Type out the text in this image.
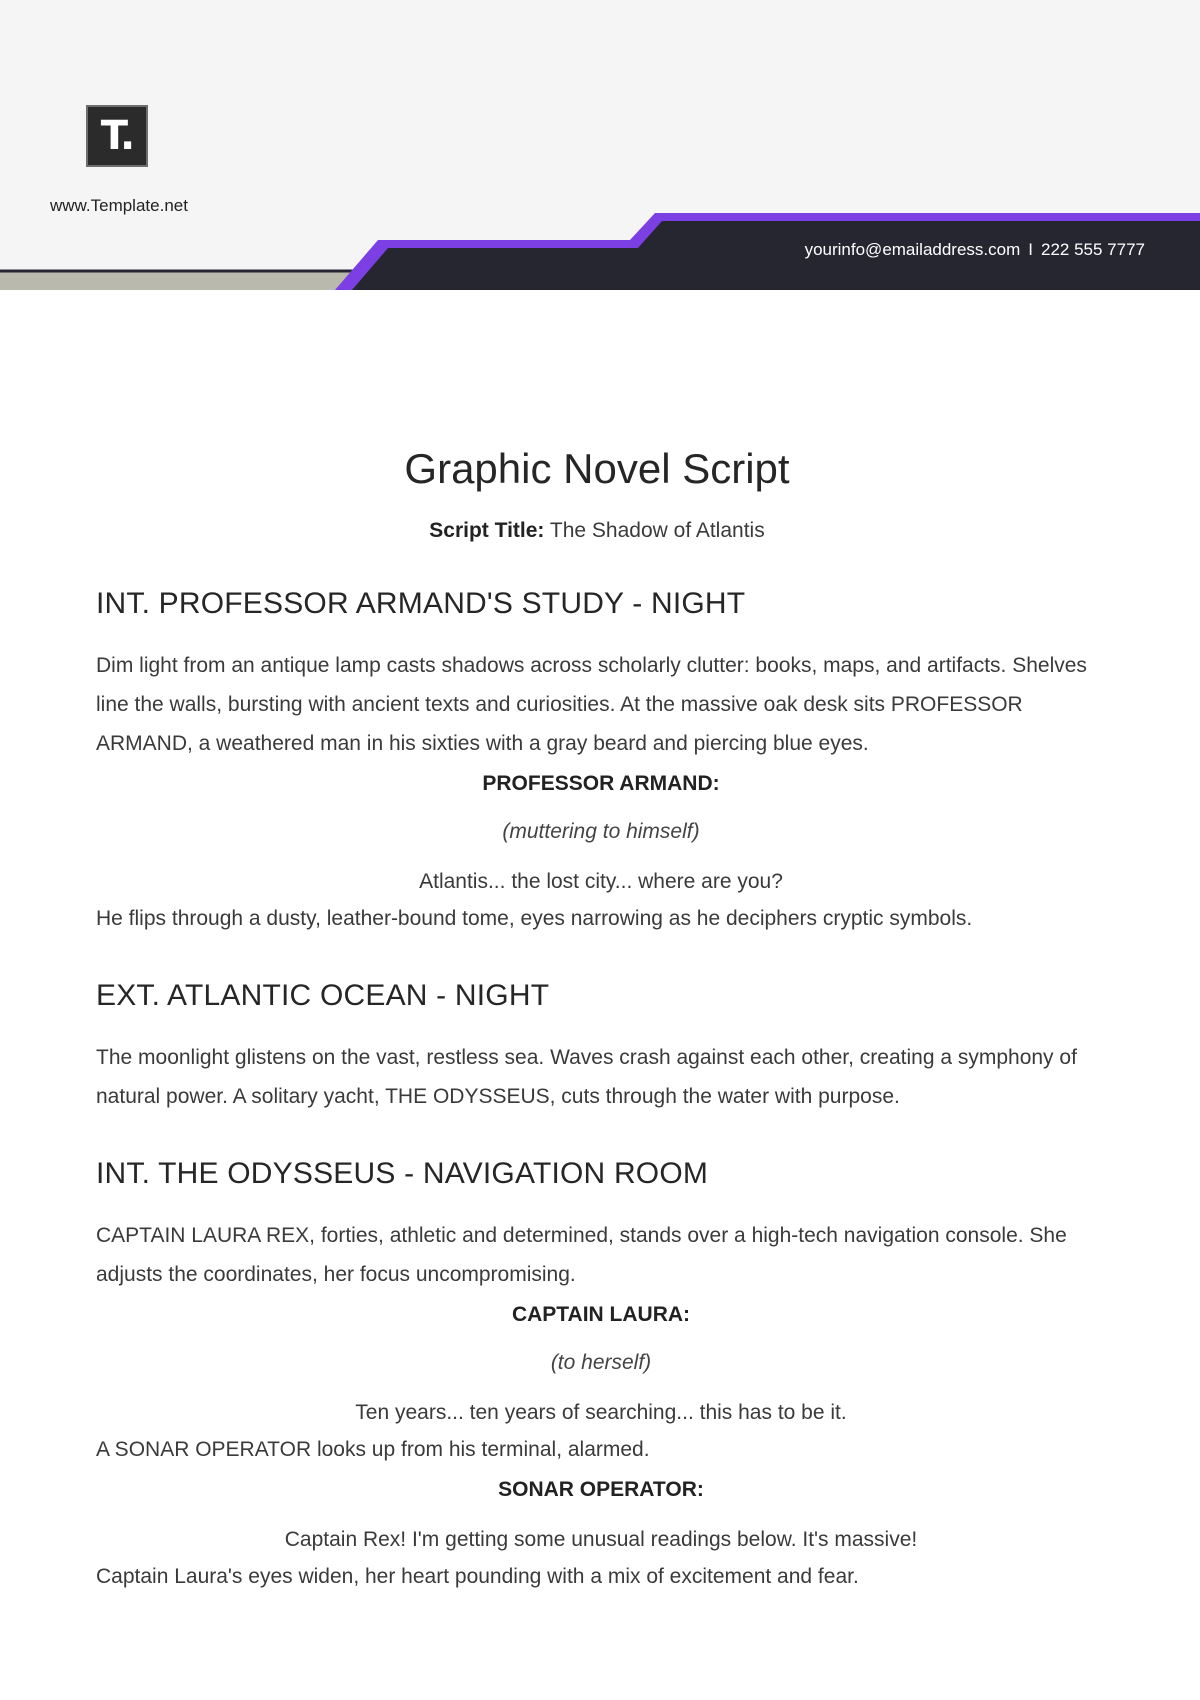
T.
www.Template.net
yourinfo@emailaddress.com I 222 555 7777
Graphic Novel Script

Script Title: The Shadow of Atlantis

INT. PROFESSOR ARMAND'S STUDY - NIGHT

Dim light from an antique lamp casts shadows across scholarly clutter: books, maps, and artifacts. Shelves line the walls, bursting with ancient texts and curiosities. At the massive oak desk sits PROFESSOR ARMAND, a weathered man in his sixties with a gray beard and piercing blue eyes.

PROFESSOR ARMAND:
(muttering to himself)
Atlantis... the lost city... where are you?

He flips through a dusty, leather-bound tome, eyes narrowing as he deciphers cryptic symbols.

EXT. ATLANTIC OCEAN - NIGHT

The moonlight glistens on the vast, restless sea. Waves crash against each other, creating a symphony of natural power. A solitary yacht, THE ODYSSEUS, cuts through the water with purpose.

INT. THE ODYSSEUS - NAVIGATION ROOM

CAPTAIN LAURA REX, forties, athletic and determined, stands over a high-tech navigation console. She adjusts the coordinates, her focus uncompromising.

CAPTAIN LAURA:
(to herself)
Ten years... ten years of searching... this has to be it.

A SONAR OPERATOR looks up from his terminal, alarmed.

SONAR OPERATOR:
Captain Rex! I'm getting some unusual readings below. It's massive!

Captain Laura's eyes widen, her heart pounding with a mix of excitement and fear.
